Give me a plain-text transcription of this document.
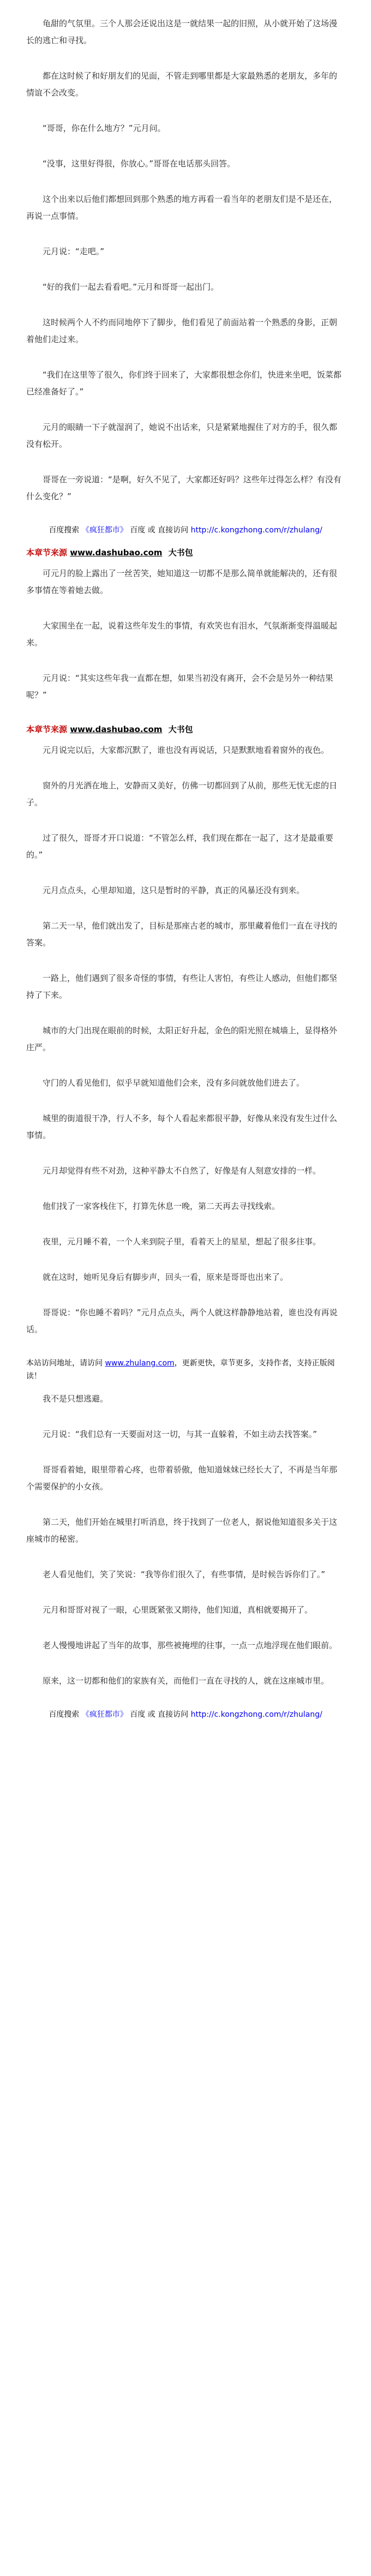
龟甜的气氛里。三个人那会还说出这是一就结果一起的旧照，从小就开始了这场漫长的逃亡和寻找。

都在这时候了和好朋友们的见面，不管走到哪里都是大家最熟悉的老朋友，多年的情谊不会改变。

“哥哥，你在什么地方？”元月问。

“没事，这里好得很，你放心。”哥哥在电话那头回答。

这个出来以后他们都想回到那个熟悉的地方再看一看当年的老朋友们是不是还在，再说一点事情。

元月说：“走吧。”

“好的我们一起去看看吧。”元月和哥哥一起出门。

这时候两个人不约而同地停下了脚步，他们看见了前面站着一个熟悉的身影，正朝着他们走过来。

“我们在这里等了很久，你们终于回来了，大家都很想念你们，快进来坐吧，饭菜都已经准备好了。”

元月的眼睛一下子就湿润了，她说不出话来，只是紧紧地握住了对方的手，很久都没有松开。

哥哥在一旁说道：“是啊，好久不见了，大家都还好吗？这些年过得怎么样？有没有什么变化？”

百度搜索 《疯狂都市》 百度 或 直接访问 http://c.kongzhong.com/r/zhulang/
本章节来源 www.dashubao.com 大书包

可元月的脸上露出了一丝苦笑，她知道这一切都不是那么简单就能解决的，还有很多事情在等着她去做。

大家围坐在一起，说着这些年发生的事情，有欢笑也有泪水，气氛渐渐变得温暖起来。

元月说：“其实这些年我一直都在想，如果当初没有离开，会不会是另外一种结果呢？”

本章节来源 www.dashubao.com 大书包

元月说完以后，大家都沉默了，谁也没有再说话，只是默默地看着窗外的夜色。

窗外的月光洒在地上，安静而又美好，仿佛一切都回到了从前，那些无忧无虑的日子。

过了很久，哥哥才开口说道：“不管怎么样，我们现在都在一起了，这才是最重要的。”

元月点点头，心里却知道，这只是暂时的平静，真正的风暴还没有到来。

第二天一早，他们就出发了，目标是那座古老的城市，那里藏着他们一直在寻找的答案。

一路上，他们遇到了很多奇怪的事情，有些让人害怕，有些让人感动，但他们都坚持了下来。

城市的大门出现在眼前的时候，太阳正好升起，金色的阳光照在城墙上，显得格外庄严。

守门的人看见他们，似乎早就知道他们会来，没有多问就放他们进去了。

城里的街道很干净，行人不多，每个人看起来都很平静，好像从来没有发生过什么事情。

元月却觉得有些不对劲，这种平静太不自然了，好像是有人刻意安排的一样。

他们找了一家客栈住下，打算先休息一晚，第二天再去寻找线索。

夜里，元月睡不着，一个人来到院子里，看着天上的星星，想起了很多往事。

就在这时，她听见身后有脚步声，回头一看，原来是哥哥也出来了。

哥哥说：“你也睡不着吗？”元月点点头，两个人就这样静静地站着，谁也没有再说话。

本站访问地址，请访问 www.zhulang.com，更新更快，章节更多，支持作者，支持正版阅读！

我不是只想逃避。

元月说：“我们总有一天要面对这一切，与其一直躲着，不如主动去找答案。”

哥哥看着她，眼里带着心疼，也带着骄傲，他知道妹妹已经长大了，不再是当年那个需要保护的小女孩。

第二天，他们开始在城里打听消息，终于找到了一位老人，据说他知道很多关于这座城市的秘密。

老人看见他们，笑了笑说：“我等你们很久了，有些事情，是时候告诉你们了。”

元月和哥哥对视了一眼，心里既紧张又期待，他们知道，真相就要揭开了。

老人慢慢地讲起了当年的故事，那些被掩埋的往事，一点一点地浮现在他们眼前。

原来，这一切都和他们的家族有关，而他们一直在寻找的人，就在这座城市里。

百度搜索 《疯狂都市》 百度 或 直接访问 http://c.kongzhong.com/r/zhulang/
